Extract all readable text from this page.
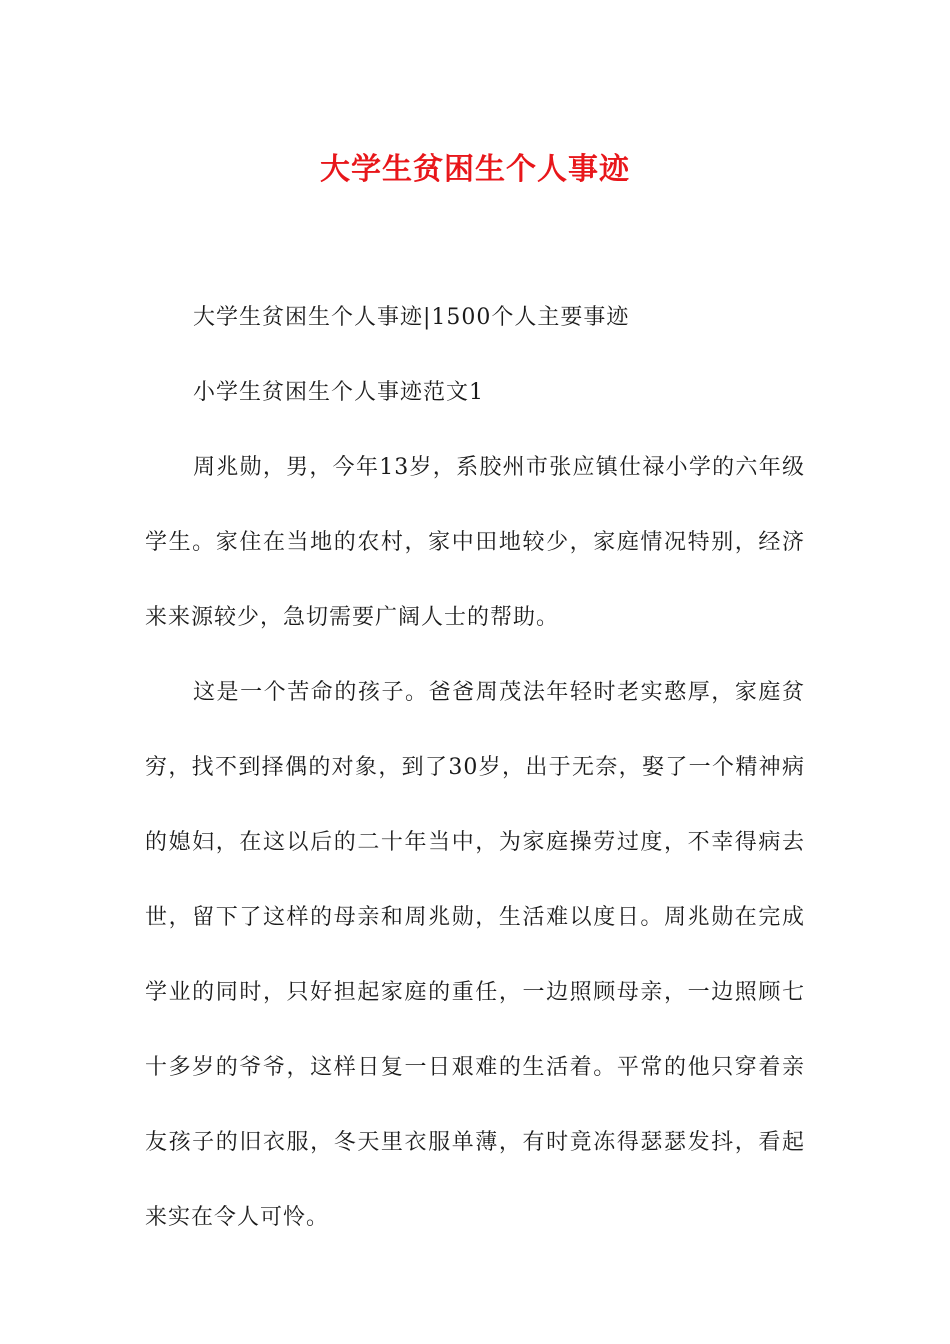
大学生贫困生个人事迹

大学生贫困生个人事迹|1500个人主要事迹

小学生贫困生个人事迹范文1

周兆勋，男，今年13岁，系胶州市张应镇仕禄小学的六年级学生。家住在当地的农村，家中田地较少，家庭情况特别，经济来来源较少，急切需要广阔人士的帮助。

这是一个苦命的孩子。爸爸周茂法年轻时老实憨厚，家庭贫穷，找不到择偶的对象，到了30岁，出于无奈，娶了一个精神病的媳妇，在这以后的二十年当中，为家庭操劳过度，不幸得病去世，留下了这样的母亲和周兆勋，生活难以度日。周兆勋在完成学业的同时，只好担起家庭的重任，一边照顾母亲，一边照顾七十多岁的爷爷，这样日复一日艰难的生活着。平常的他只穿着亲友孩子的旧衣服，冬天里衣服单薄，有时竟冻得瑟瑟发抖，看起来实在令人可怜。
